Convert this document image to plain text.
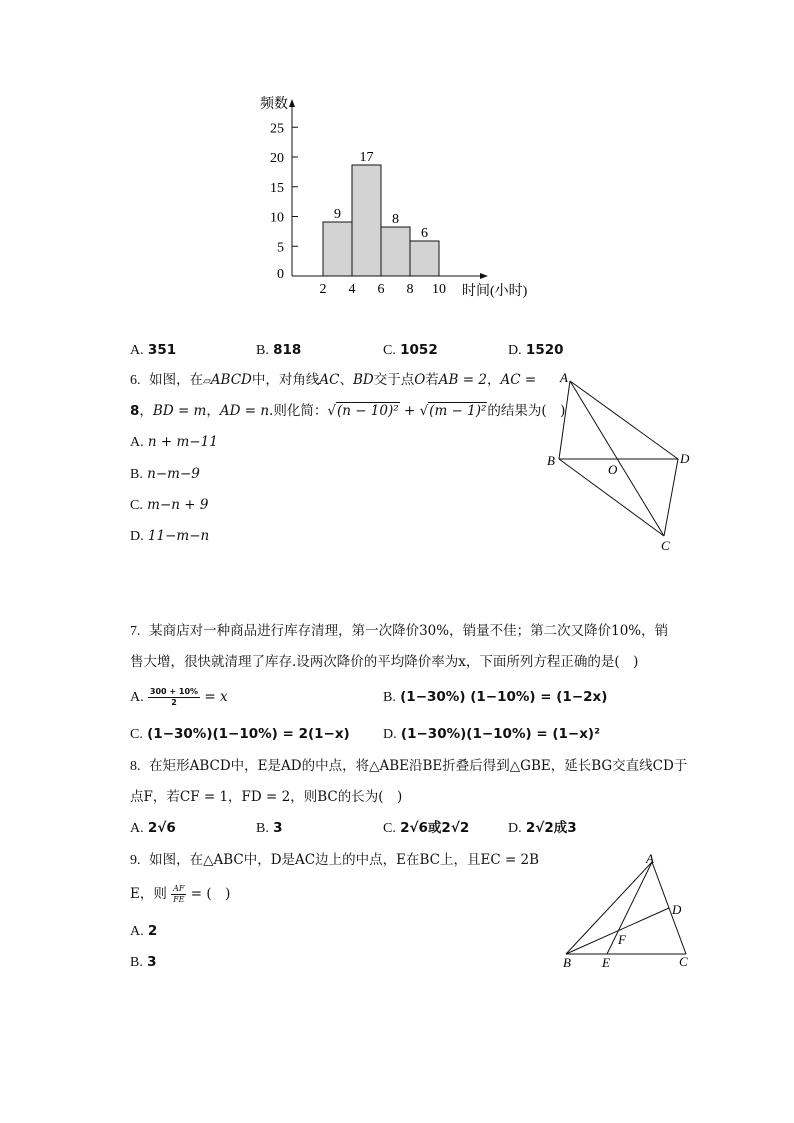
0
5
10
15
20
25
9
17
8
6
2 4 6 8 10
频数
时间(小时)
A. 351	B. 818	C. 1052	D. 1520
6. 如图，在▱ABCD中，对角线AC、BD交于点O若AB = 2，AC =
8，BD = m，AD = n.则化简：√(n − 10)² + √(m − 1)²的结果为(　)
A. n + m−11
B. n−m−9
C. m−n + 9
D. 11−m−n
A
B	D
O
C
7. 某商店对一种商品进行库存清理，第一次降价30%，销量不佳；第二次又降价10%，销
售大增，很快就清理了库存.设两次降价的平均降价率为x，下面所列方程正确的是(　)
A. $\frac{300 + 10\%}{2} = x$	B. (1−30%) (1−10%) = (1−2x)
C. (1−30%)(1−10%) = 2(1−x) D. (1−30%)(1−10%) = (1−x)²
8. 在矩形ABCD中，E是AD的中点，将△ABE沿BE折叠后得到△GBE，延长BG交直线CD于
点F，若CF = 1，FD = 2，则BC的长为(　)
A. 2√6	B. 3	C. 2√6或2√2	D. 2√2成3
9. 如图，在△ABC中，D是AC边上的中点，E在BC上，且EC = 2B
E，则 $\frac{AF}{FE}$ = (　)
A. 2
B. 3
A
D
F
B E	C
